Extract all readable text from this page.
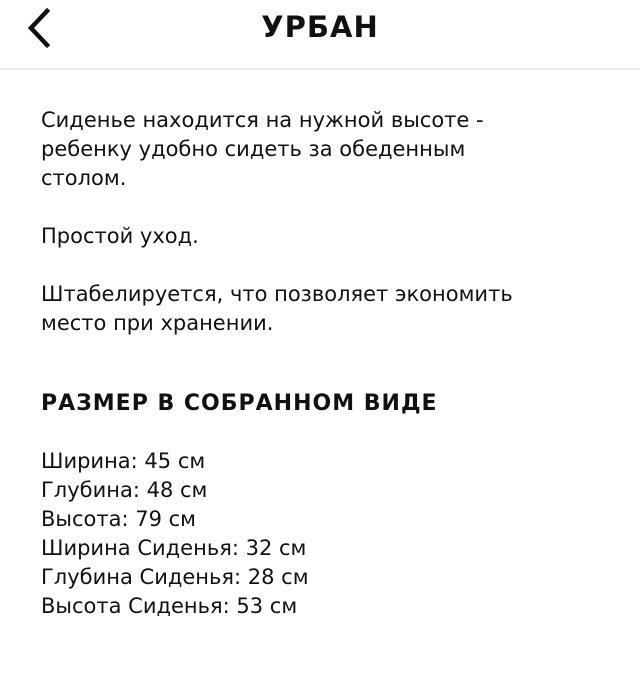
УРБАН

Сиденье находится на нужной высоте -
ребенку удобно сидеть за обеденным
столом.

Простой уход.

Штабелируется, что позволяет экономить
место при хранении.

РАЗМЕР В СОБРАННОМ ВИДЕ
Ширина: 45 см
Глубина: 48 см
Высота: 79 см
Ширина Сиденья: 32 см
Глубина Сиденья: 28 см
Высота Сиденья: 53 см
